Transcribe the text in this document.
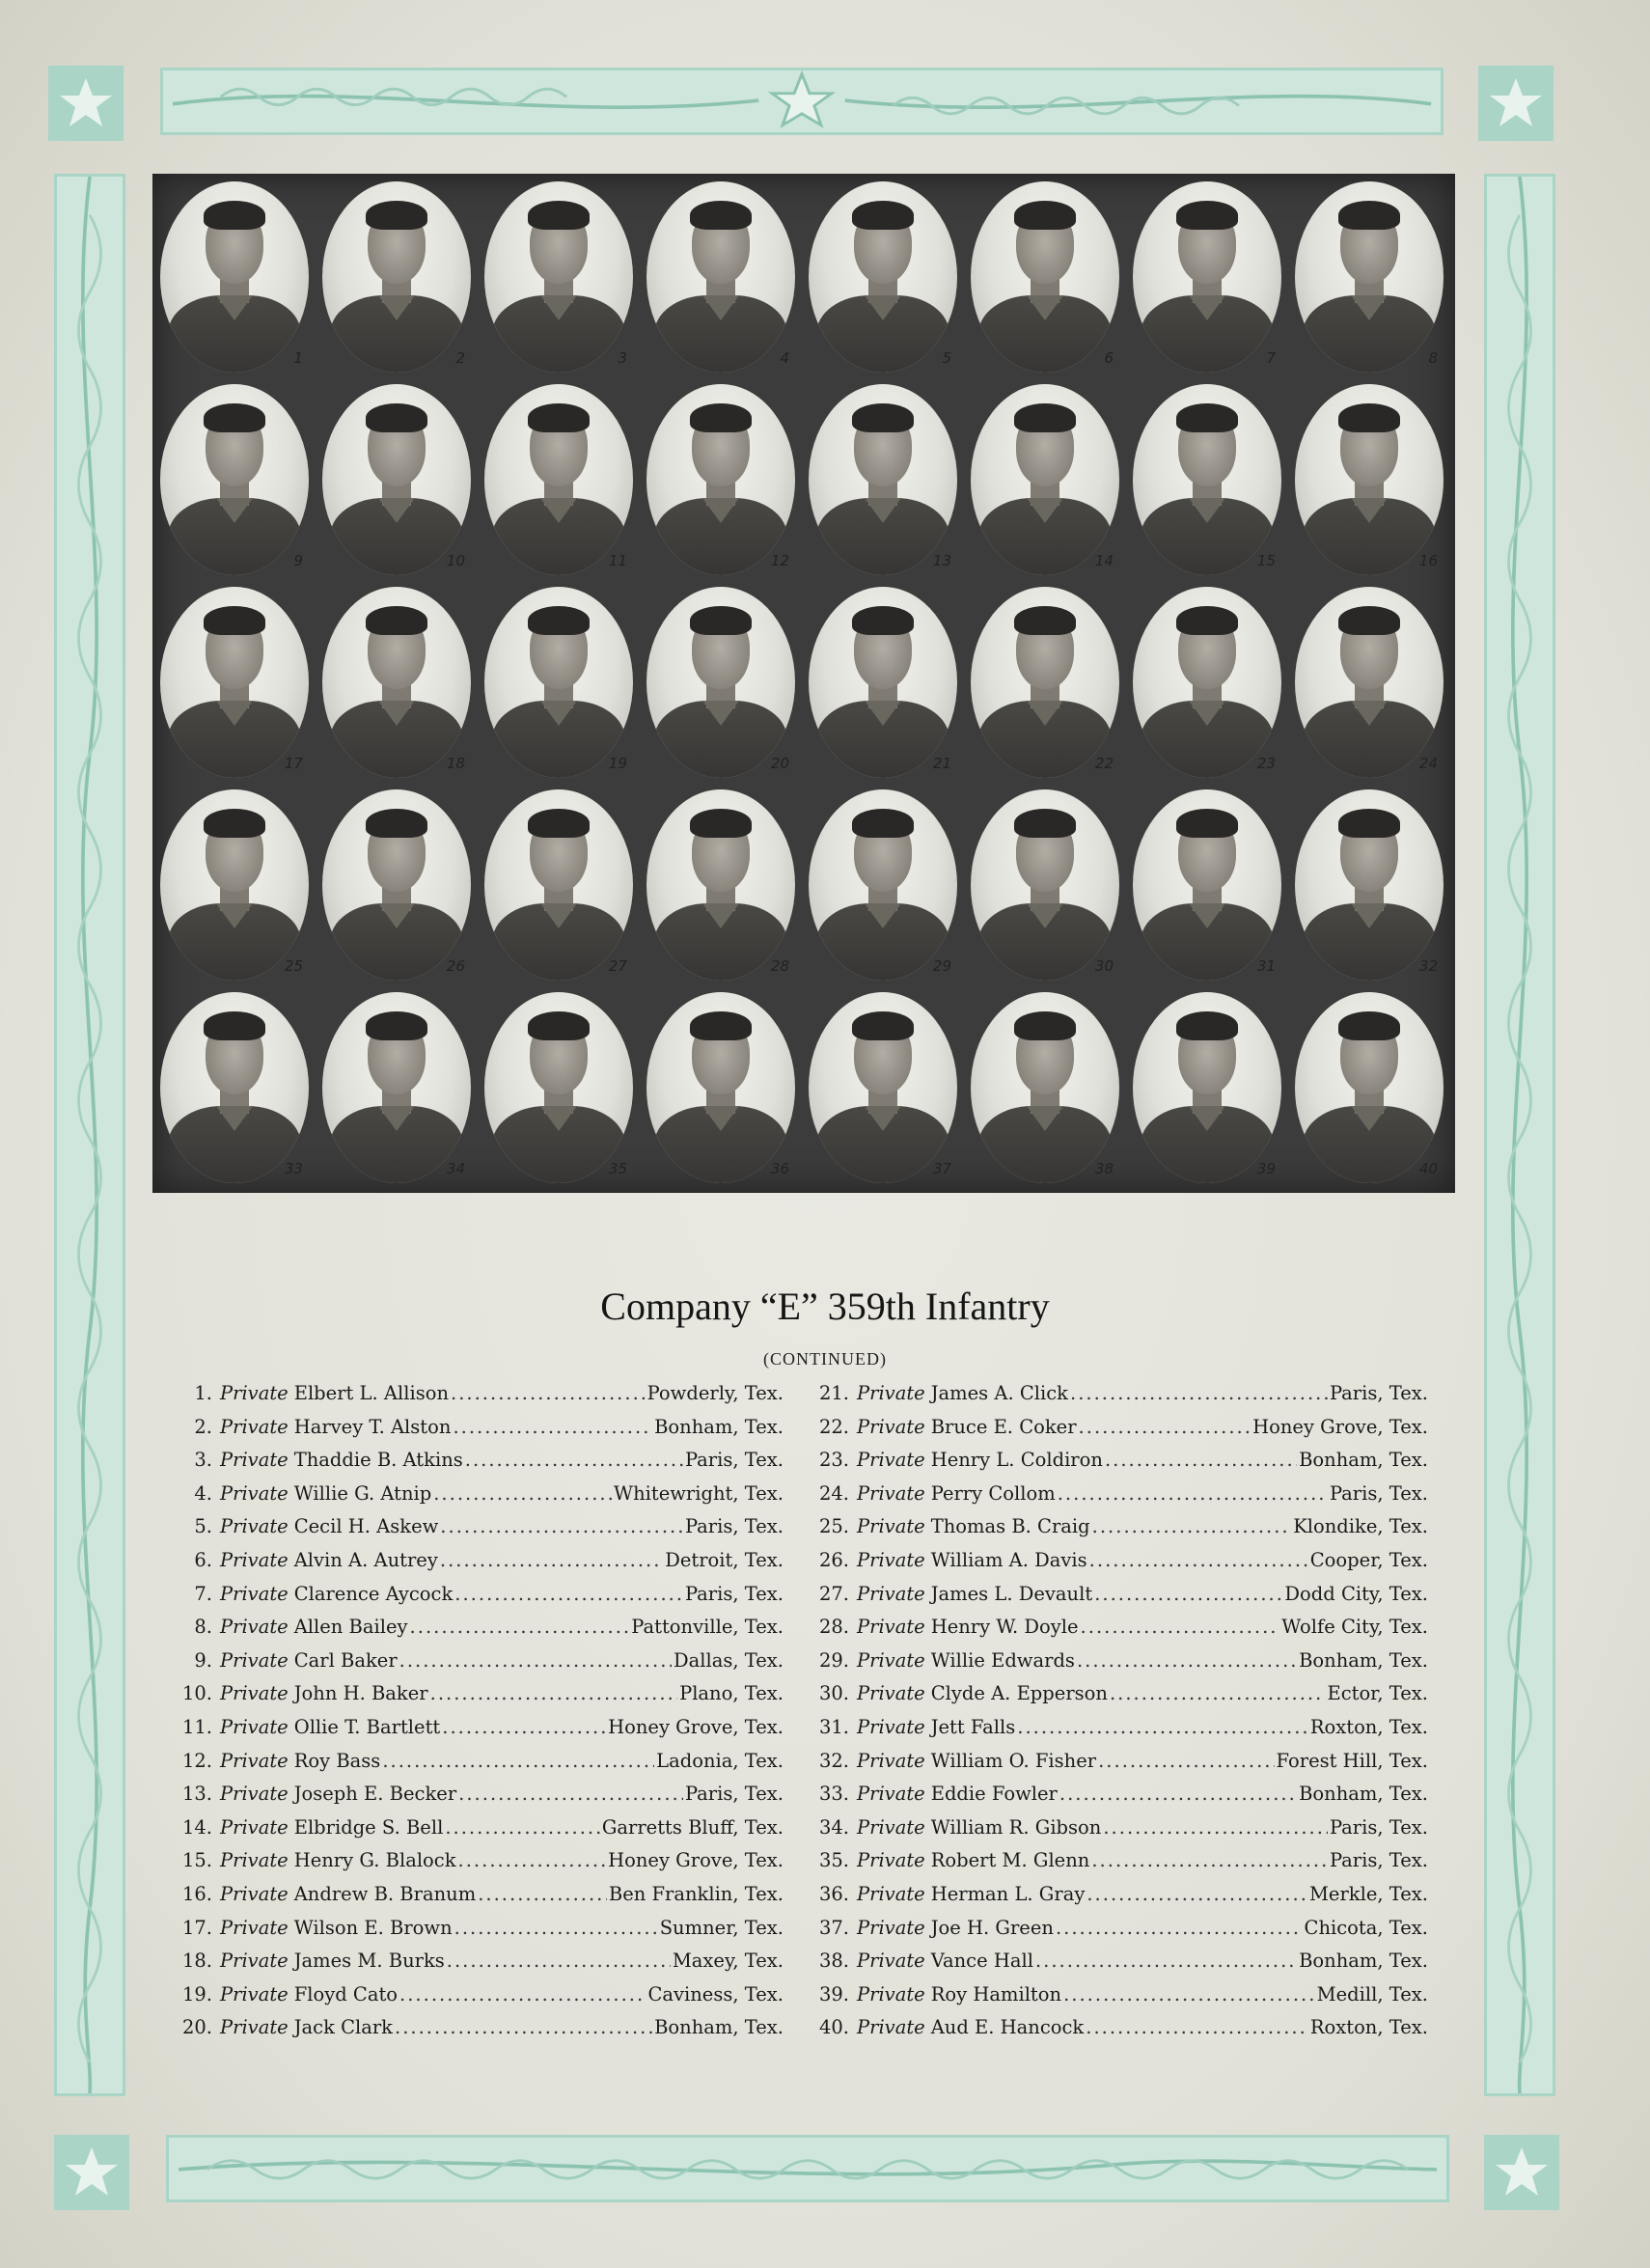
1	2	3	4	5	6	7	8
9	10	11	12	13	14	15	16
17	18	19	20	21	22	23	24
25	26	27	28	29	30	31	32
33	34	35	36	37	38	39	40
Company “E” 359th Infantry
(CONTINUED)
1. Private Elbert L. Allison .....	Powderly, Tex.
2. Private Harvey T. Alston .....	Bonham, Tex.
3. Private Thaddie B. Atkins .....	Paris, Tex.
4. Private Willie G. Atnip .....	Whitewright, Tex.
5. Private Cecil H. Askew .....	Paris, Tex.
6. Private Alvin A. Autrey .....	Detroit, Tex.
7. Private Clarence Aycock .....	Paris, Tex.
8. Private Allen Bailey .....	Pattonville, Tex.
9. Private Carl Baker .....	Dallas, Tex.
10. Private John H. Baker .....	Plano, Tex.
11. Private Ollie T. Bartlett .....	Honey Grove, Tex.
12. Private Roy Bass .....	Ladonia, Tex.
13. Private Joseph E. Becker .....	Paris, Tex.
14. Private Elbridge S. Bell .....	Garretts Bluff, Tex.
15. Private Henry G. Blalock .....	Honey Grove, Tex.
16. Private Andrew B. Branum .....	Ben Franklin, Tex.
17. Private Wilson E. Brown .....	Sumner, Tex.
18. Private James M. Burks .....	Maxey, Tex.
19. Private Floyd Cato .....	Caviness, Tex.
20. Private Jack Clark .....	Bonham, Tex.
21. Private James A. Click .....	Paris, Tex.
22. Private Bruce E. Coker .....	Honey Grove, Tex.
23. Private Henry L. Coldiron .....	Bonham, Tex.
24. Private Perry Collom .....	Paris, Tex.
25. Private Thomas B. Craig .....	Klondike, Tex.
26. Private William A. Davis .....	Cooper, Tex.
27. Private James L. Devault .....	Dodd City, Tex.
28. Private Henry W. Doyle .....	Wolfe City, Tex.
29. Private Willie Edwards .....	Bonham, Tex.
30. Private Clyde A. Epperson .....	Ector, Tex.
31. Private Jett Falls .....	Roxton, Tex.
32. Private William O. Fisher .....	Forest Hill, Tex.
33. Private Eddie Fowler .....	Bonham, Tex.
34. Private William R. Gibson .....	Paris, Tex.
35. Private Robert M. Glenn .....	Paris, Tex.
36. Private Herman L. Gray .....	Merkle, Tex.
37. Private Joe H. Green .....	Chicota, Tex.
38. Private Vance Hall .....	Bonham, Tex.
39. Private Roy Hamilton .....	Medill, Tex.
40. Private Aud E. Hancock .....	Roxton, Tex.
